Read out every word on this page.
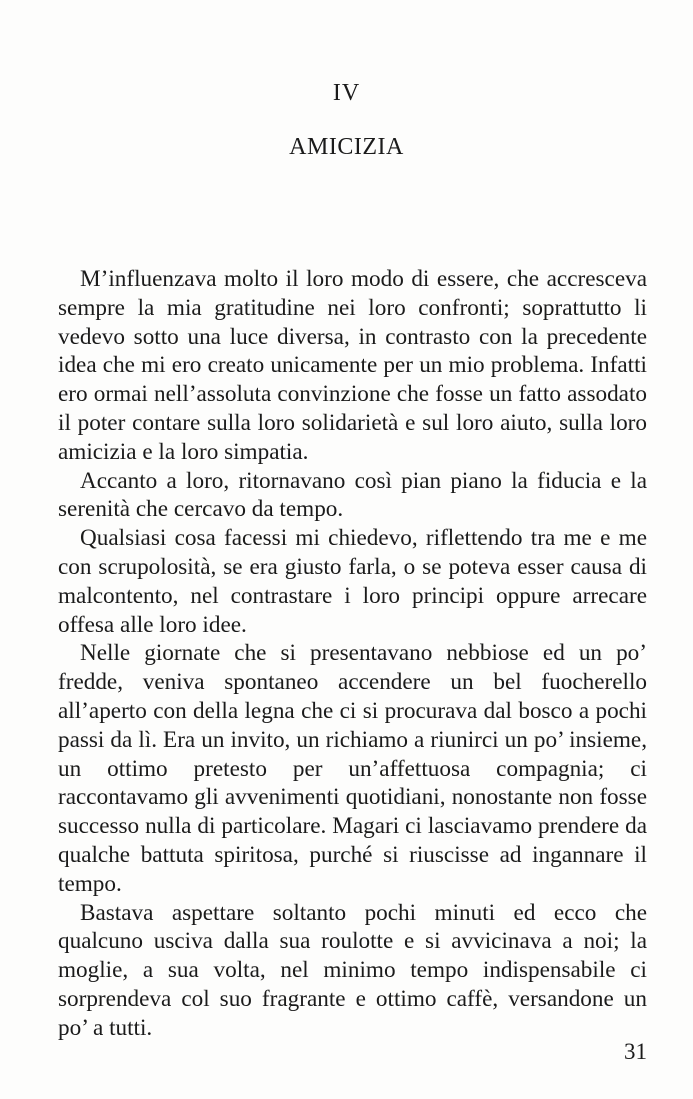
IV
AMICIZIA

M’influenzava molto il loro modo di essere, che accresceva sempre la mia gratitudine nei loro confronti; soprattutto li vedevo sotto una luce diversa, in contrasto con la precedente idea che mi ero creato unicamente per un mio problema. Infatti ero ormai nell’assoluta convinzione che fosse un fatto assodato il poter contare sulla loro solidarietà e sul loro aiuto, sulla loro amicizia e la loro simpatia.

Accanto a loro, ritornavano così pian piano la fiducia e la serenità che cercavo da tempo.

Qualsiasi cosa facessi mi chiedevo, riflettendo tra me e me con scrupolosità, se era giusto farla, o se poteva esser causa di malcontento, nel contrastare i loro principi oppure arrecare offesa alle loro idee.

Nelle giornate che si presentavano nebbiose ed un po’ fredde, veniva spontaneo accendere un bel fuocherello all’aperto con della legna che ci si procurava dal bosco a pochi passi da lì. Era un invito, un richiamo a riunirci un po’ insieme, un ottimo pretesto per un’affettuosa compagnia; ci raccontavamo gli avvenimenti quotidiani, nonostante non fosse successo nulla di particolare. Magari ci lasciavamo prendere da qualche battuta spiritosa, purché si riuscisse ad ingannare il tempo.

Bastava aspettare soltanto pochi minuti ed ecco che qualcuno usciva dalla sua roulotte e si avvicinava a noi; la moglie, a sua volta, nel minimo tempo indispensabile ci sorprendeva col suo fragrante e ottimo caffè, versandone un po’ a tutti.

31
